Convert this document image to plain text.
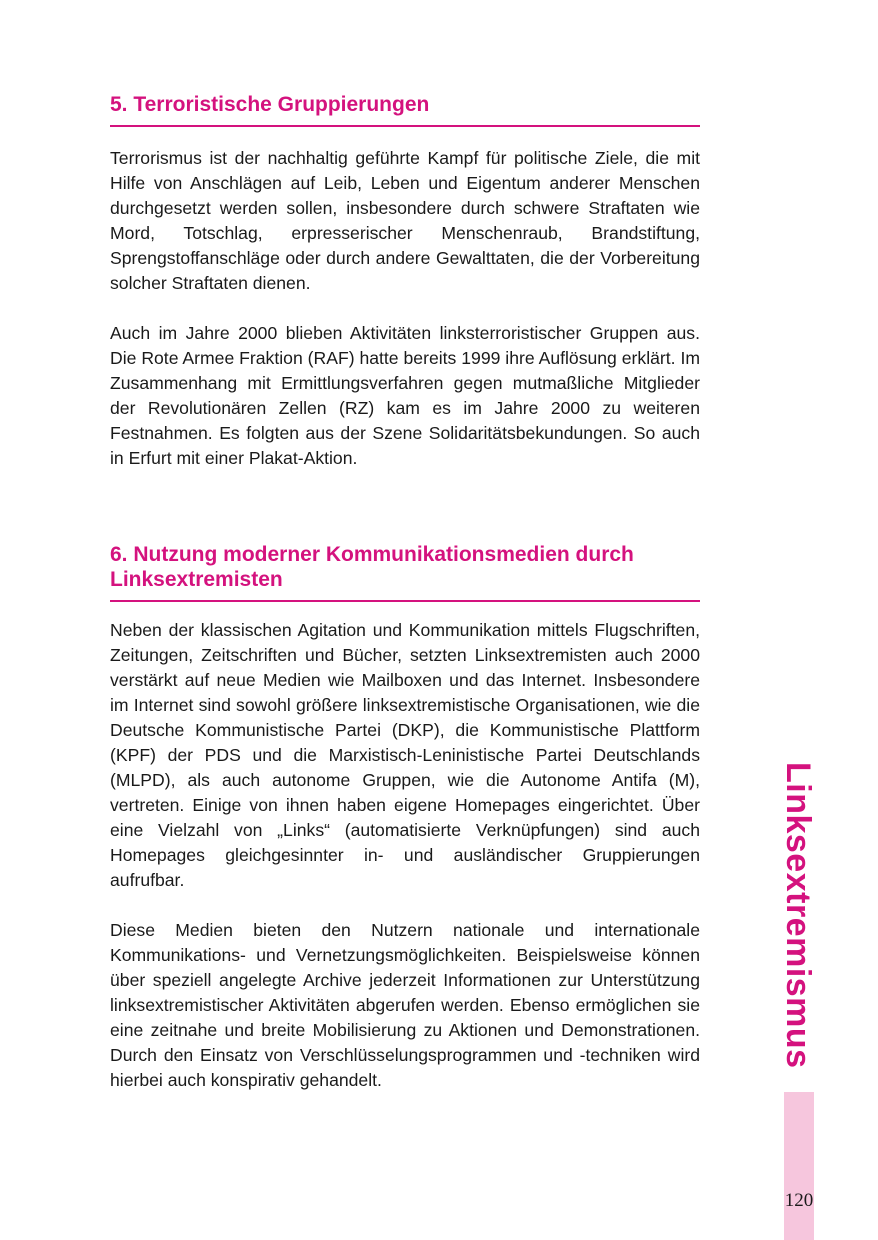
5. Terroristische Gruppierungen

Terrorismus ist der nachhaltig geführte Kampf für politische Ziele, die mit Hilfe von Anschlägen auf Leib, Leben und Eigentum anderer Menschen durchgesetzt werden sollen, insbesondere durch schwere Straftaten wie Mord, Totschlag, erpresserischer Menschenraub, Brandstiftung, Sprengstoffanschläge oder durch andere Gewalttaten, die der Vorbereitung solcher Straftaten dienen.

Auch im Jahre 2000 blieben Aktivitäten linksterroristischer Gruppen aus. Die Rote Armee Fraktion (RAF) hatte bereits 1999 ihre Auflösung erklärt. Im Zusammenhang mit Ermittlungsverfahren gegen mutmaßliche Mitglieder der Revolutionären Zellen (RZ) kam es im Jahre 2000 zu weiteren Festnahmen. Es folgten aus der Szene Solidaritätsbekundungen. So auch in Erfurt mit einer Plakat-Aktion.

6. Nutzung moderner Kommunikationsmedien durch Linksextremisten

Neben der klassischen Agitation und Kommunikation mittels Flugschriften, Zeitungen, Zeitschriften und Bücher, setzten Linksextremisten auch 2000 verstärkt auf neue Medien wie Mailboxen und das Internet. Insbesondere im Internet sind sowohl größere linksextremistische Organisationen, wie die Deutsche Kommunistische Partei (DKP), die Kommunistische Plattform (KPF) der PDS und die Marxistisch-Leninistische Partei Deutschlands (MLPD), als auch autonome Gruppen, wie die Autonome Antifa (M), vertreten. Einige von ihnen haben eigene Homepages eingerichtet. Über eine Vielzahl von „Links“ (automatisierte Verknüpfungen) sind auch Homepages gleichgesinnter in- und ausländischer Gruppierungen aufrufbar.

Diese Medien bieten den Nutzern nationale und internationale Kommunikations- und Vernetzungsmöglichkeiten. Beispielsweise können über speziell angelegte Archive jederzeit Informationen zur Unterstützung linksextremistischer Aktivitäten abgerufen werden. Ebenso ermöglichen sie eine zeitnahe und breite Mobilisierung zu Aktionen und Demonstrationen. Durch den Einsatz von Verschlüsselungsprogrammen und -techniken wird hierbei auch konspirativ gehandelt.

Linksextremismus
120
